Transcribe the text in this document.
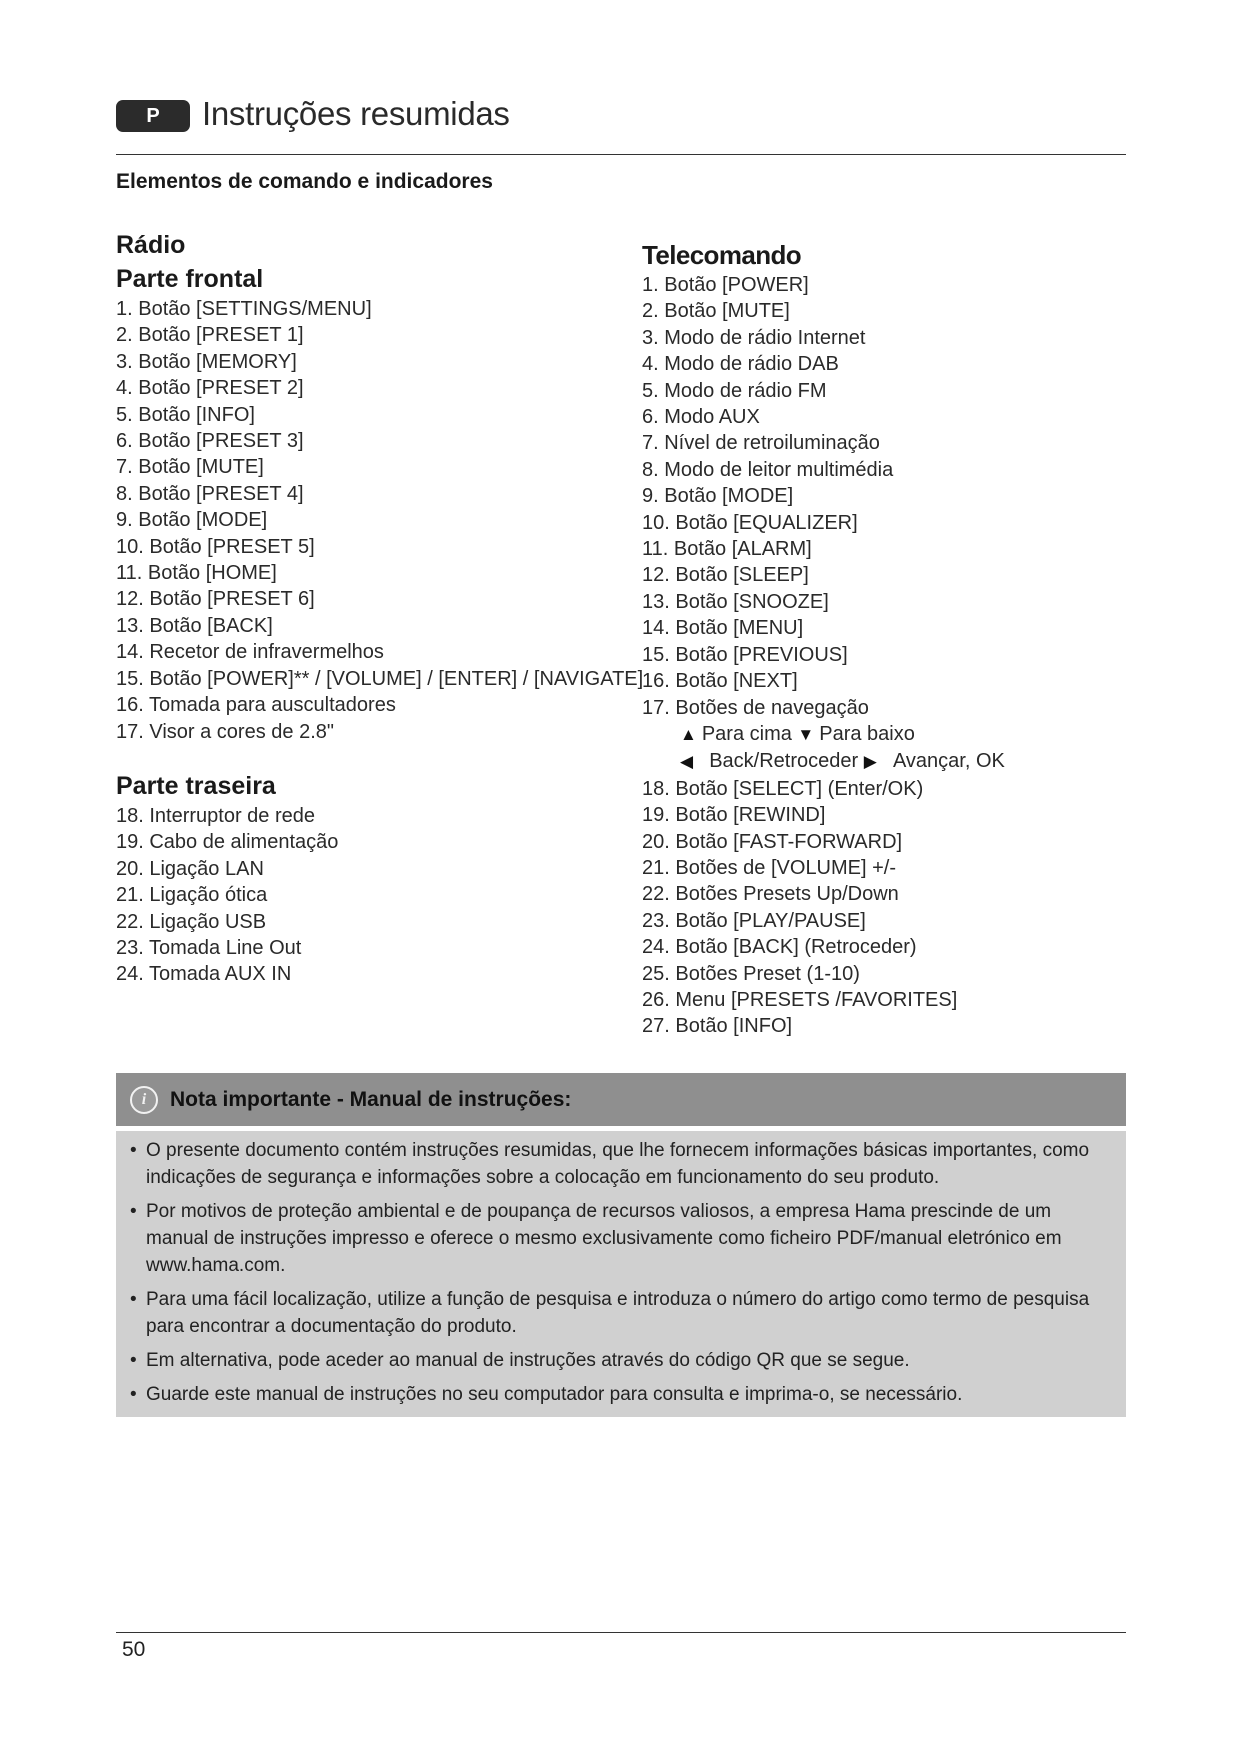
P	Instruções resumidas
Elementos de comando e indicadores
Rádio
Parte frontal
1. Botão [SETTINGS/MENU]
2. Botão [PRESET 1]
3. Botão [MEMORY]
4. Botão [PRESET 2]
5. Botão [INFO]
6. Botão [PRESET 3]
7. Botão [MUTE]
8. Botão [PRESET 4]
9. Botão [MODE]
10. Botão [PRESET 5]
11. Botão [HOME]
12. Botão [PRESET 6]
13. Botão [BACK]
14. Recetor de infravermelhos
15. Botão [POWER]** / [VOLUME] / [ENTER] / [NAVIGATE]
16. Tomada para auscultadores
17. Visor a cores de 2.8"
Parte traseira
18. Interruptor de rede
19. Cabo de alimentação
20. Ligação LAN
21. Ligação ótica
22. Ligação USB
23. Tomada Line Out
24. Tomada AUX IN
Telecomando
1. Botão [POWER]
2. Botão [MUTE]
3. Modo de rádio Internet
4. Modo de rádio DAB
5. Modo de rádio FM
6. Modo AUX
7. Nível de retroiluminação
8. Modo de leitor multimédia
9. Botão [MODE]
10. Botão [EQUALIZER]
11. Botão [ALARM]
12. Botão [SLEEP]
13. Botão [SNOOZE]
14. Botão [MENU]
15. Botão [PREVIOUS]
16. Botão [NEXT]
17. Botões de navegação
▲ Para cima ▼ Para baixo
◀ Back/Retroceder ▶ Avançar, OK
18. Botão [SELECT] (Enter/OK)
19. Botão [REWIND]
20. Botão [FAST-FORWARD]
21. Botões de [VOLUME] +/-
22. Botões Presets Up/Down
23. Botão [PLAY/PAUSE]
24. Botão [BACK] (Retroceder)
25. Botões Preset (1-10)
26. Menu [PRESETS /FAVORITES]
27. Botão [INFO]
i	Nota importante - Manual de instruções:
• O presente documento contém instruções resumidas, que lhe fornecem informações básicas importantes, como indicações de segurança e informações sobre a colocação em funcionamento do seu produto.
• Por motivos de proteção ambiental e de poupança de recursos valiosos, a empresa Hama prescinde de um manual de instruções impresso e oferece o mesmo exclusivamente como ficheiro PDF/manual eletrónico em www.hama.com.
• Para uma fácil localização, utilize a função de pesquisa e introduza o número do artigo como termo de pesquisa para encontrar a documentação do produto.
• Em alternativa, pode aceder ao manual de instruções através do código QR que se segue.
• Guarde este manual de instruções no seu computador para consulta e imprima-o, se necessário.
50
